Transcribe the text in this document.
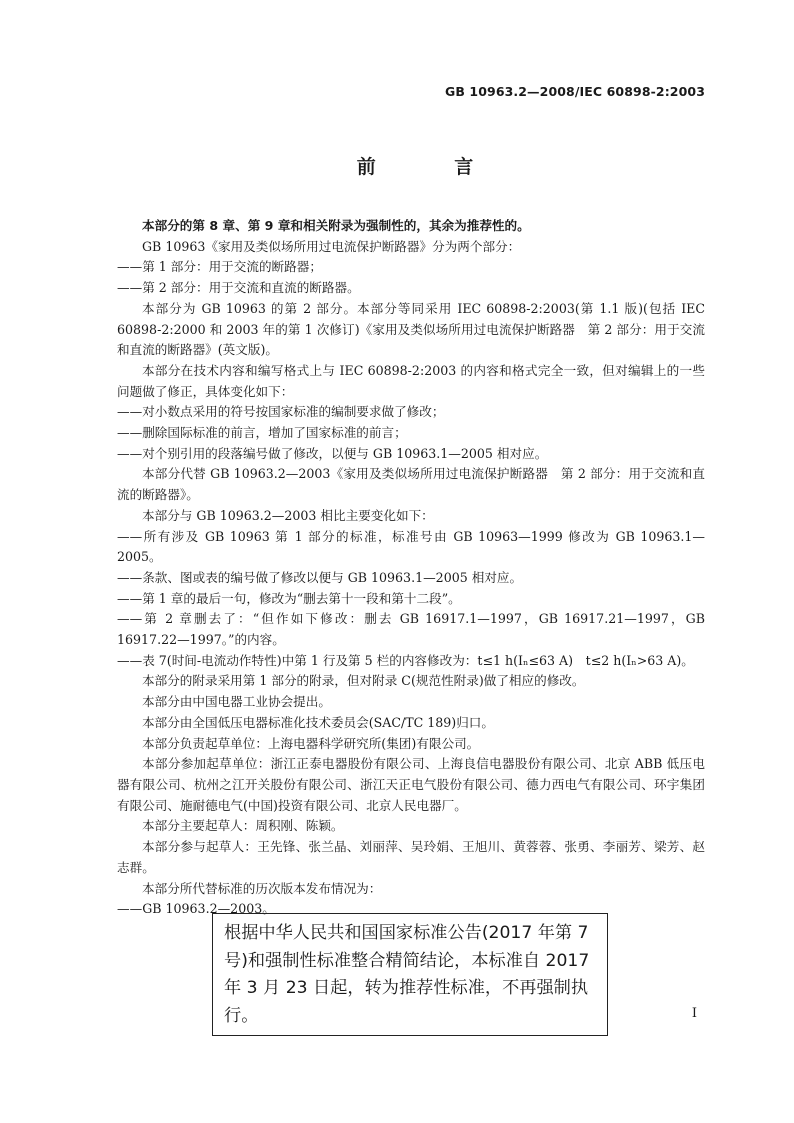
GB 10963.2—2008/IEC 60898-2:2003
前 言

本部分的第 8 章、第 9 章和相关附录为强制性的，其余为推荐性的。

GB 10963《家用及类似场所用过电流保护断路器》分为两个部分：

——第 1 部分：用于交流的断路器；

——第 2 部分：用于交流和直流的断路器。

本部分为 GB 10963 的第 2 部分。本部分等同采用 IEC 60898-2:2003(第 1.1 版)(包括 IEC 60898-2:2000 和 2003 年的第 1 次修订)《家用及类似场所用过电流保护断路器　第 2 部分：用于交流和直流的断路器》(英文版)。

本部分在技术内容和编写格式上与 IEC 60898-2:2003 的内容和格式完全一致，但对编辑上的一些问题做了修正，具体变化如下：

——对小数点采用的符号按国家标准的编制要求做了修改；

——删除国际标准的前言，增加了国家标准的前言；

——对个别引用的段落编号做了修改，以便与 GB 10963.1—2005 相对应。

本部分代替 GB 10963.2—2003《家用及类似场所用过电流保护断路器　第 2 部分：用于交流和直流的断路器》。

本部分与 GB 10963.2—2003 相比主要变化如下：

——所有涉及 GB 10963 第 1 部分的标准，标准号由 GB 10963—1999 修改为 GB 10963.1—2005。

——条款、图或表的编号做了修改以便与 GB 10963.1—2005 相对应。

——第 1 章的最后一句，修改为“删去第十一段和第十二段”。

——第 2 章删去了：“但作如下修改：删去 GB 16917.1—1997，GB 16917.21—1997，GB 16917.22—1997。”的内容。

——表 7(时间-电流动作特性)中第 1 行及第 5 栏的内容修改为：t≤1 h(Iₙ≤63 A)　t≤2 h(Iₙ>63 A)。

本部分的附录采用第 1 部分的附录，但对附录 C(规范性附录)做了相应的修改。

本部分由中国电器工业协会提出。

本部分由全国低压电器标准化技术委员会(SAC/TC 189)归口。

本部分负责起草单位：上海电器科学研究所(集团)有限公司。

本部分参加起草单位：浙江正泰电器股份有限公司、上海良信电器股份有限公司、北京 ABB 低压电器有限公司、杭州之江开关股份有限公司、浙江天正电气股份有限公司、德力西电气有限公司、环宇集团有限公司、施耐德电气(中国)投资有限公司、北京人民电器厂。

本部分主要起草人：周积刚、陈颖。

本部分参与起草人：王先锋、张兰晶、刘丽萍、吴玲娟、王旭川、黄蓉蓉、张勇、李丽芳、梁芳、赵志群。

本部分所代替标准的历次版本发布情况为：

——GB 10963.2—2003。

根据中华人民共和国国家标准公告(2017 年第 7 号)和强制性标准整合精简结论，本标准自 2017 年 3 月 23 日起，转为推荐性标准，不再强制执行。	I
